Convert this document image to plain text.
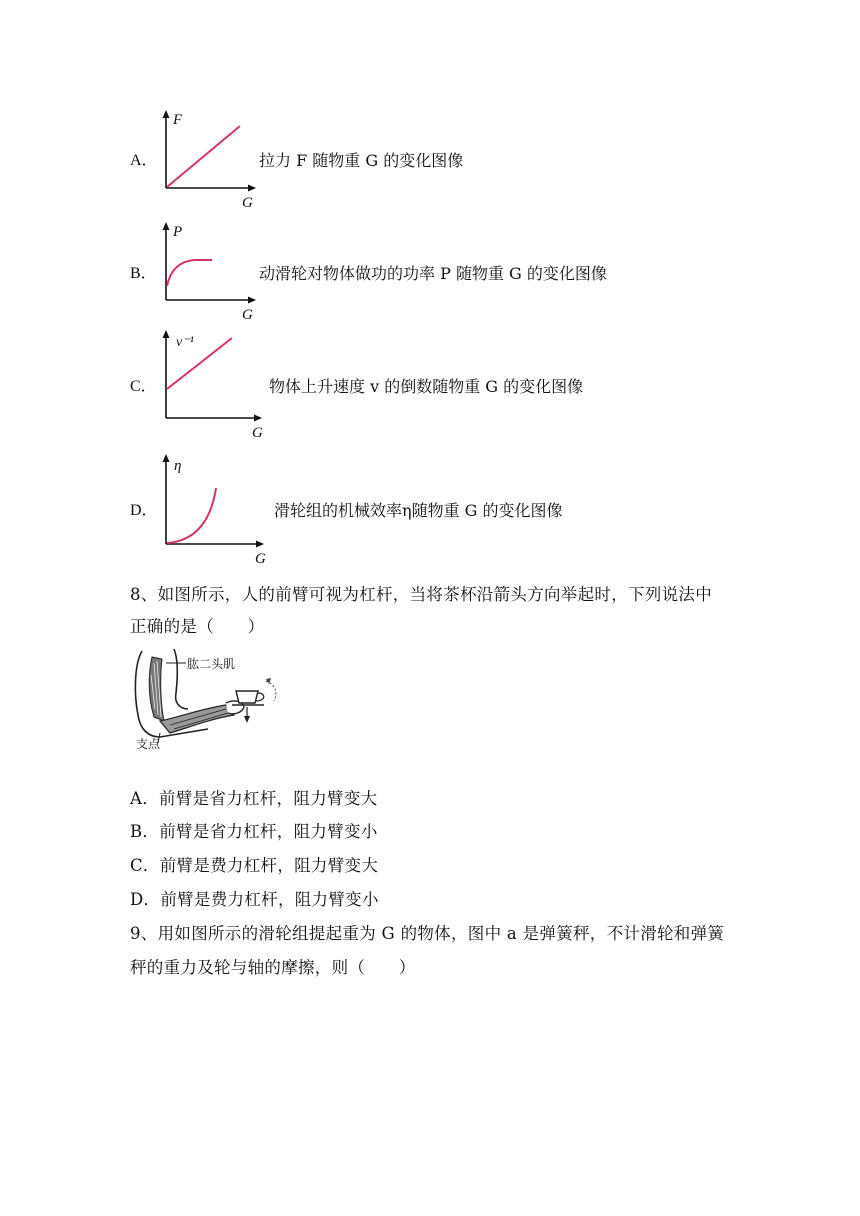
A．
F
G
拉力 F 随物重 G 的变化图像
B．
P
G
动滑轮对物体做功的功率 P 随物重 G 的变化图像
C．
v⁻¹
G
物体上升速度 v 的倒数随物重 G 的变化图像
D．
η
G
滑轮组的机械效率η随物重 G 的变化图像
8、如图所示，人的前臂可视为杠杆，当将茶杯沿箭头方向举起时，下列说法中
正确的是（　　）
肱二头肌
支点
A．前臂是省力杠杆，阻力臂变大
B．前臂是省力杠杆，阻力臂变小
C．前臂是费力杠杆，阻力臂变大
D．前臂是费力杠杆，阻力臂变小
9、用如图所示的滑轮组提起重为 G 的物体，图中 a 是弹簧秤，不计滑轮和弹簧
秤的重力及轮与轴的摩擦，则（　　）
